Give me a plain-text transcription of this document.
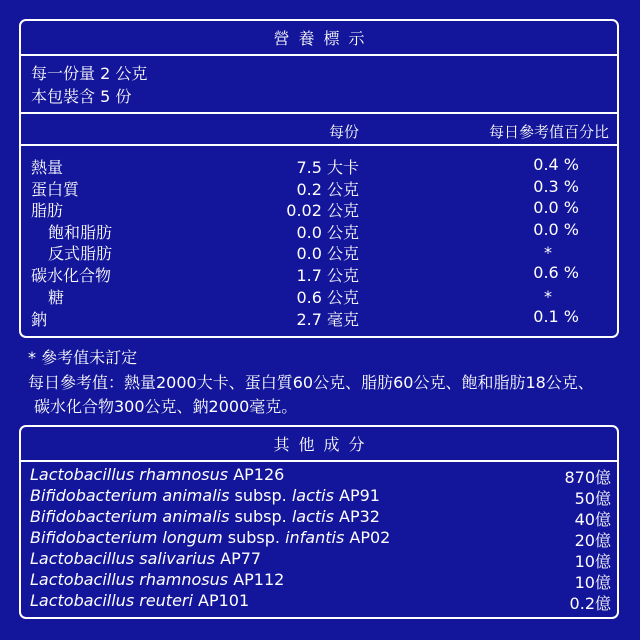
營養標示
每一份量 2 公克
本包裝含 5 份
每份	每日參考值百分比
熱量	7.5 大卡	0.4 %
蛋白質	0.2 公克	0.3 %
脂肪	0.02 公克	0.0 %
飽和脂肪	0.0 公克	0.0 %
反式脂肪	0.0 公克	*
碳水化合物	1.7 公克	0.6 %
糖	0.6 公克	*
鈉	2.7 毫克	0.1 %
* 參考值未訂定
每日參考值：熱量2000大卡、蛋白質60公克、脂肪60公克、飽和脂肪18公克、
碳水化合物300公克、鈉2000毫克。
其他成分
Lactobacillus rhamnosus AP126	870億
Bifidobacterium animalis subsp. lactis AP91	50億
Bifidobacterium animalis subsp. lactis AP32	40億
Bifidobacterium longum subsp. infantis AP02	20億
Lactobacillus salivarius AP77	10億
Lactobacillus rhamnosus AP112	10億
Lactobacillus reuteri AP101	0.2億
